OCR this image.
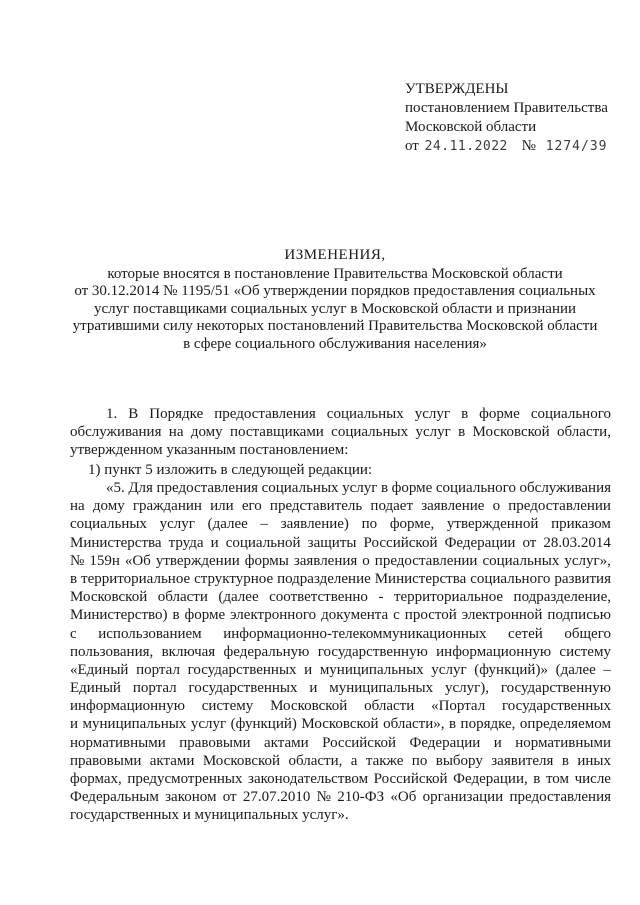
УТВЕРЖДЕНЫ
постановлением Правительства
Московской области
от 24.11.2022 № 1274/39
ИЗМЕНЕНИЯ,
которые вносятся в постановление Правительства Московской области
от 30.12.2014 № 1195/51 «Об утверждении порядков предоставления социальных
услуг поставщиками социальных услуг в Московской области и признании
утратившими силу некоторых постановлений Правительства Московской области
в сфере социального обслуживания населения»
1. В Порядке предоставления социальных услуг в форме социального
обслуживания на дому поставщиками социальных услуг в Московской области,
утвержденном указанным постановлением:
1) пункт 5 изложить в следующей редакции:
«5. Для предоставления социальных услуг в форме социального обслуживания
на дому гражданин или его представитель подает заявление о предоставлении
социальных услуг (далее – заявление) по форме, утвержденной приказом
Министерства труда и социальной защиты Российской Федерации от 28.03.2014
№ 159н «Об утверждении формы заявления о предоставлении социальных услуг»,
в территориальное структурное подразделение Министерства социального развития
Московской области (далее соответственно - территориальное подразделение,
Министерство) в форме электронного документа с простой электронной подписью
с использованием информационно-телекоммуникационных сетей общего
пользования, включая федеральную государственную информационную систему
«Единый портал государственных и муниципальных услуг (функций)» (далее –
Единый портал государственных и муниципальных услуг), государственную
информационную систему Московской области «Портал государственных
и муниципальных услуг (функций) Московской области», в порядке, определяемом
нормативными правовыми актами Российской Федерации и нормативными
правовыми актами Московской области, а также по выбору заявителя в иных
формах, предусмотренных законодательством Российской Федерации, в том числе
Федеральным законом от 27.07.2010 № 210-ФЗ «Об организации предоставления
государственных и муниципальных услуг».
